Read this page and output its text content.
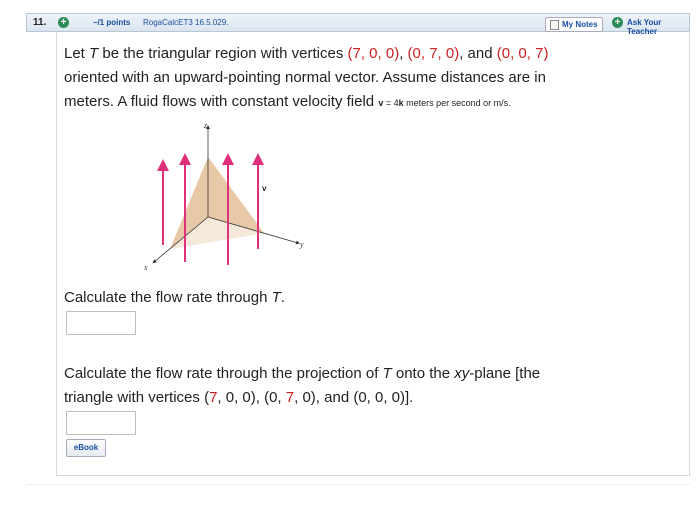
11. +	–/1 points RogaCalcET3 16.5.029.	My Notes	+ Ask Your Teacher
Let T be the triangular region with vertices (7, 0, 0), (0, 7, 0), and (0, 0, 7)
oriented with an upward-pointing normal vector. Assume distances are in
meters. A fluid flows with constant velocity field v = 4k meters per second or m/s.
z
y
x
v
Calculate the flow rate through T.
Calculate the flow rate through the projection of T onto the xy-plane [the
triangle with vertices (7, 0, 0), (0, 7, 0), and (0, 0, 0)].
eBook
